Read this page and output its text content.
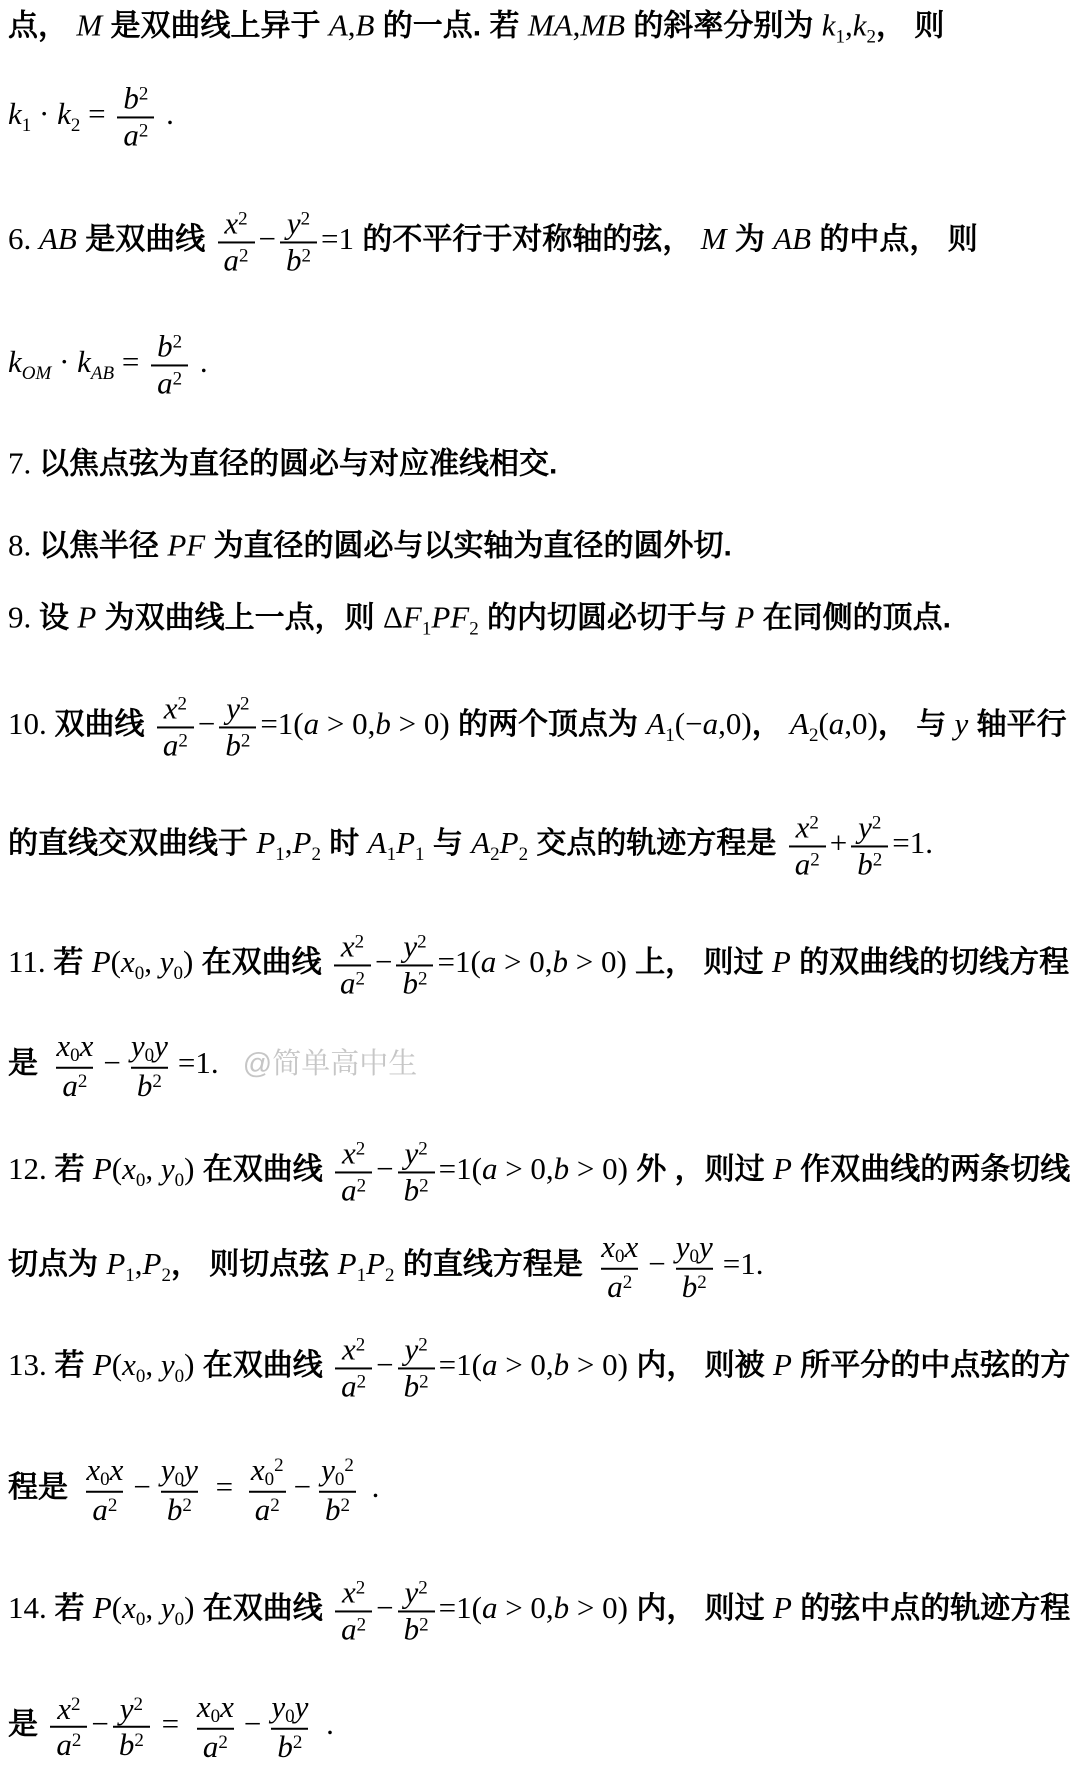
点， M 是双曲线上异于 A,B 的一点. 若 MA,MB 的斜率分别为 $k_1,k_2$， 则
$k_1 \cdot k_2 = \frac{b^2}{a^2}$ .
6. AB 是双曲线 $\frac{x^2}{a^2} - \frac{y^2}{b^2} =1$ 的不平行于对称轴的弦， M 为 AB 的中点， 则
$k_{OM} \cdot k_{AB} = \frac{b^2}{a^2}$ .
7. 以焦点弦为直径的圆必与对应准线相交.
8. 以焦半径 PF 为直径的圆必与以实轴为直径的圆外切.
9. 设 P 为双曲线上一点，则 $\Delta F_1PF_2$ 的内切圆必切于与 P 在同侧的顶点.
10. 双曲线 $\frac{x^2}{a^2} - \frac{y^2}{b^2} =1(a > 0,b > 0)$ 的两个顶点为 $A_1(-a,0)$， $A_2(a,0)$， 与 y 轴平行
的直线交双曲线于 $P_1,P_2$ 时 $A_1P_1$ 与 $A_2P_2$ 交点的轨迹方程是 $\frac{x^2}{a^2} + \frac{y^2}{b^2} =1$.
11. 若 $P(x_0$, $y_0$) 在双曲线 $\frac{x^2}{a^2} - \frac{y^2}{b^2} =1(a > 0,b > 0)$ 上， 则过 P 的双曲线的切线方程
是 $\frac{x_0x}{a^2} - \frac{y_0y}{b^2} =1$.   @简单高中生
12. 若 $P(x_0$, $y_0$) 在双曲线 $\frac{x^2}{a^2} - \frac{y^2}{b^2} =1(a > 0,b > 0)$ 外 ，则过 P 作双曲线的两条切线
切点为 $P_1,P_2$， 则切点弦 $P_1P_2$ 的直线方程是 $\frac{x_0x}{a^2} - \frac{y_0y}{b^2} =1$.
13. 若 $P(x_0$, $y_0$) 在双曲线 $\frac{x^2}{a^2} - \frac{y^2}{b^2} =1(a > 0,b > 0)$ 内， 则被 P 所平分的中点弦的方
程是 $\frac{x_0x}{a^2} - \frac{y_0y}{b^2} = \frac{x_0^2}{a^2} - \frac{y_0^2}{b^2}$ .
14. 若 $P(x_0$, $y_0$) 在双曲线 $\frac{x^2}{a^2} - \frac{y^2}{b^2} =1(a > 0,b > 0)$ 内， 则过 P 的弦中点的轨迹方程
是 $\frac{x^2}{a^2} - \frac{y^2}{b^2} = \frac{x_0x}{a^2} - \frac{y_0y}{b^2}$ .
